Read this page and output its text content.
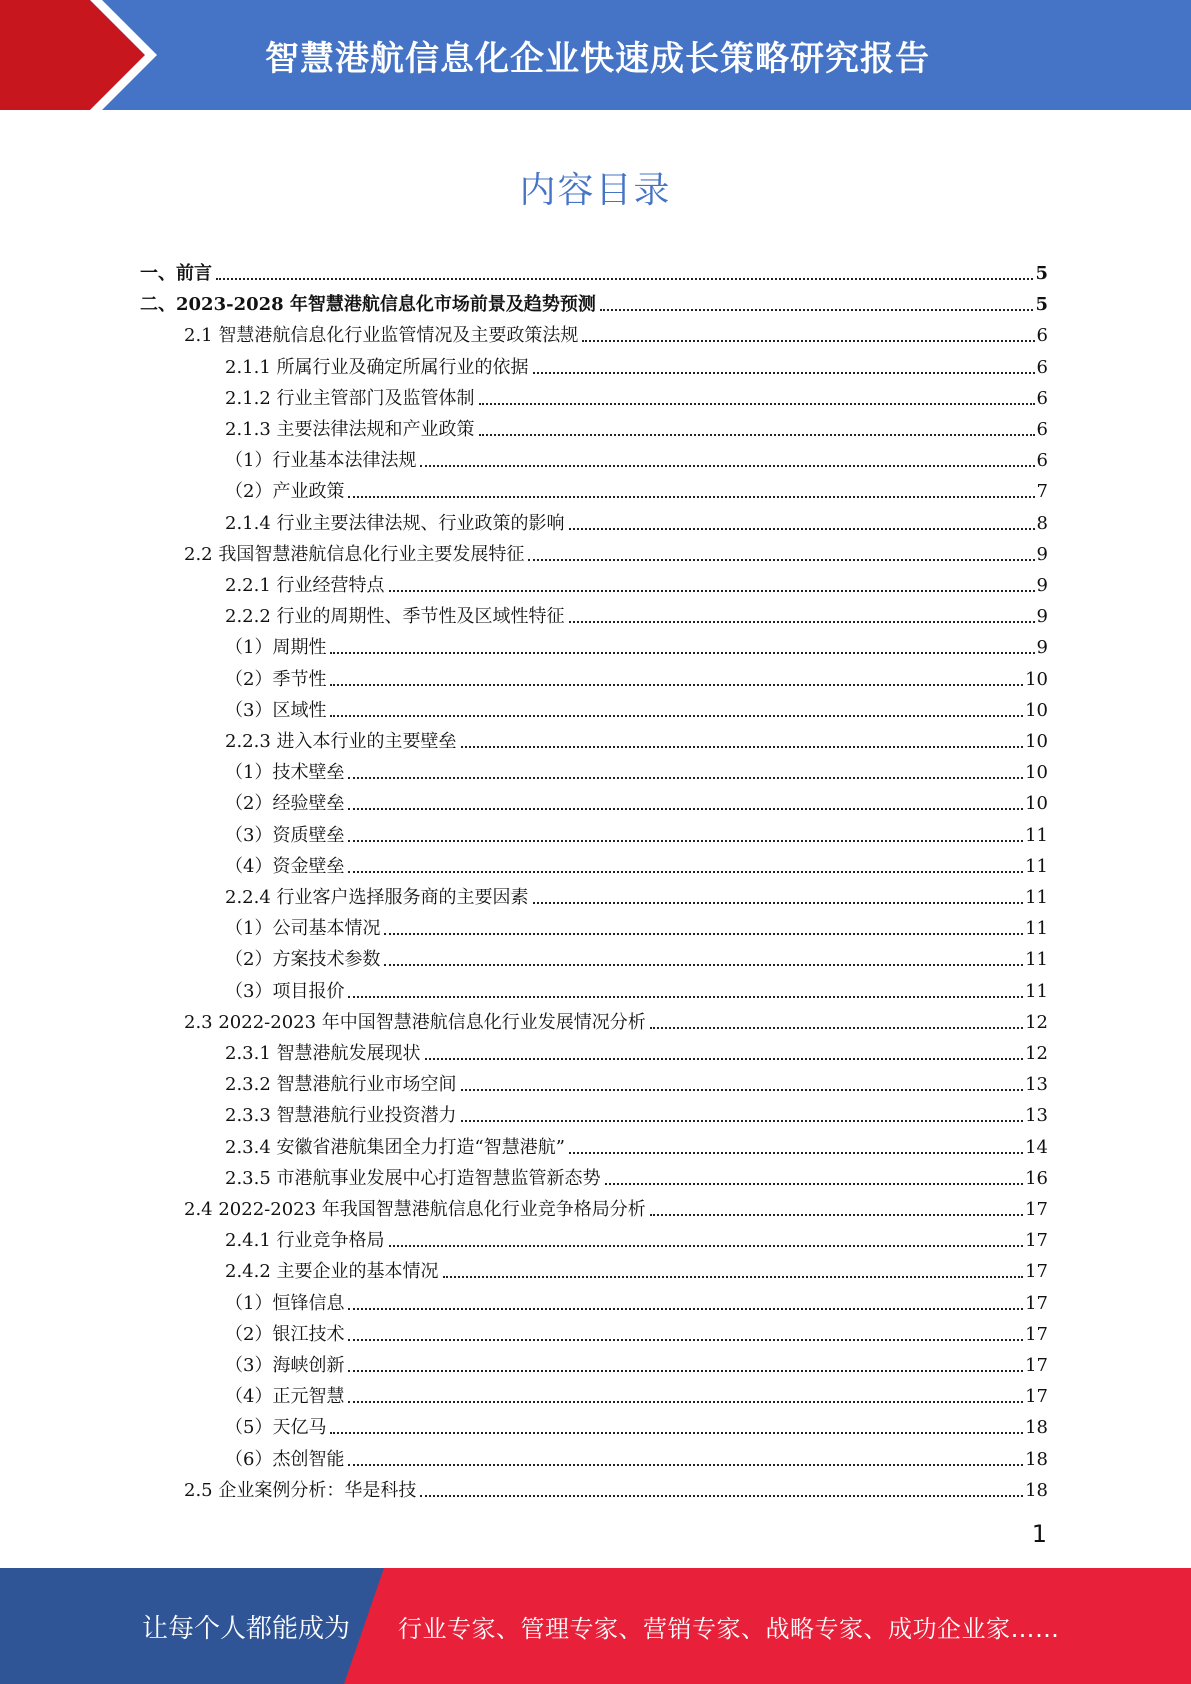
智慧港航信息化企业快速成长策略研究报告
内容目录
一、前言	5
二、2023-2028 年智慧港航信息化市场前景及趋势预测	5
2.1 智慧港航信息化行业监管情况及主要政策法规	6
2.1.1 所属行业及确定所属行业的依据	6
2.1.2 行业主管部门及监管体制	6
2.1.3 主要法律法规和产业政策	6
（1）行业基本法律法规	6
（2）产业政策	7
2.1.4 行业主要法律法规、行业政策的影响	8
2.2 我国智慧港航信息化行业主要发展特征	9
2.2.1 行业经营特点	9
2.2.2 行业的周期性、季节性及区域性特征	9
（1）周期性	9
（2）季节性	10
（3）区域性	10
2.2.3 进入本行业的主要壁垒	10
（1）技术壁垒	10
（2）经验壁垒	10
（3）资质壁垒	11
（4）资金壁垒	11
2.2.4 行业客户选择服务商的主要因素	11
（1）公司基本情况	11
（2）方案技术参数	11
（3）项目报价	11
2.3 2022-2023 年中国智慧港航信息化行业发展情况分析	12
2.3.1 智慧港航发展现状	12
2.3.2 智慧港航行业市场空间	13
2.3.3 智慧港航行业投资潜力	13
2.3.4 安徽省港航集团全力打造“智慧港航”	14
2.3.5 市港航事业发展中心打造智慧监管新态势	16
2.4 2022-2023 年我国智慧港航信息化行业竞争格局分析	17
2.4.1 行业竞争格局	17
2.4.2 主要企业的基本情况	17
（1）恒锋信息	17
（2）银江技术	17
（3）海峡创新	17
（4）正元智慧	17
（5）天亿马	18
（6）杰创智能	18
2.5 企业案例分析：华是科技	18
1
让每个人都能成为 行业专家、管理专家、营销专家、战略专家、成功企业家……
